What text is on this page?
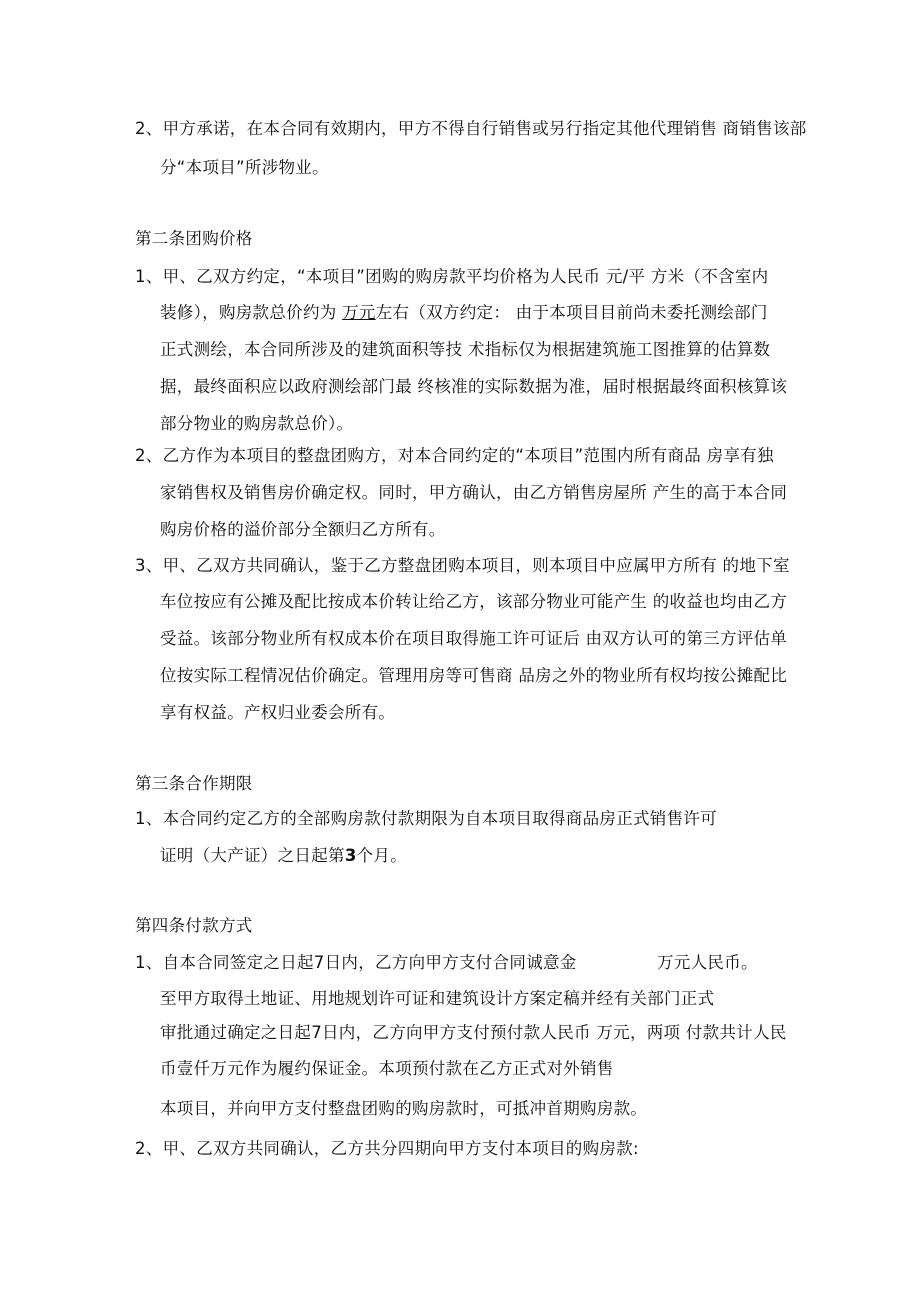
2、甲方承诺，在本合同有效期内，甲方不得自行销售或另行指定其他代理销售 商销售该部
分“本项目”所涉物业。
第二条团购价格
1、甲、乙双方约定，“本项目”团购的购房款平均价格为人民币 元/平 方米（不含室内
装修），购房款总价约为 万元左右（双方约定： 由于本项目目前尚未委托测绘部门
正式测绘，本合同所涉及的建筑面积等技 术指标仅为根据建筑施工图推算的估算数
据，最终面积应以政府测绘部门最 终核准的实际数据为准，届时根据最终面积核算该
部分物业的购房款总价）。
2、乙方作为本项目的整盘团购方，对本合同约定的“本项目”范围内所有商品 房享有独
家销售权及销售房价确定权。同时，甲方确认，由乙方销售房屋所 产生的高于本合同
购房价格的溢价部分全额归乙方所有。
3、甲、乙双方共同确认，鉴于乙方整盘团购本项目，则本项目中应属甲方所有 的地下室
车位按应有公摊及配比按成本价转让给乙方，该部分物业可能产生 的收益也均由乙方
受益。该部分物业所有权成本价在项目取得施工许可证后 由双方认可的第三方评估单
位按实际工程情况估价确定。管理用房等可售商 品房之外的物业所有权均按公摊配比
享有权益。产权归业委会所有。
第三条合作期限
1、本合同约定乙方的全部购房款付款期限为自本项目取得商品房正式销售许可
证明（大产证）之日起第3个月。
第四条付款方式
1、自本合同签定之日起7日内，乙方向甲方支付合同诚意金	万元人民币。
至甲方取得土地证、用地规划许可证和建筑设计方案定稿并经有关部门正式
审批通过确定之日起7日内，乙方向甲方支付预付款人民币 万元，两项 付款共计人民
币壹仟万元作为履约保证金。本项预付款在乙方正式对外销售
本项目，并向甲方支付整盘团购的购房款时，可抵冲首期购房款。
2、甲、乙双方共同确认，乙方共分四期向甲方支付本项目的购房款:
